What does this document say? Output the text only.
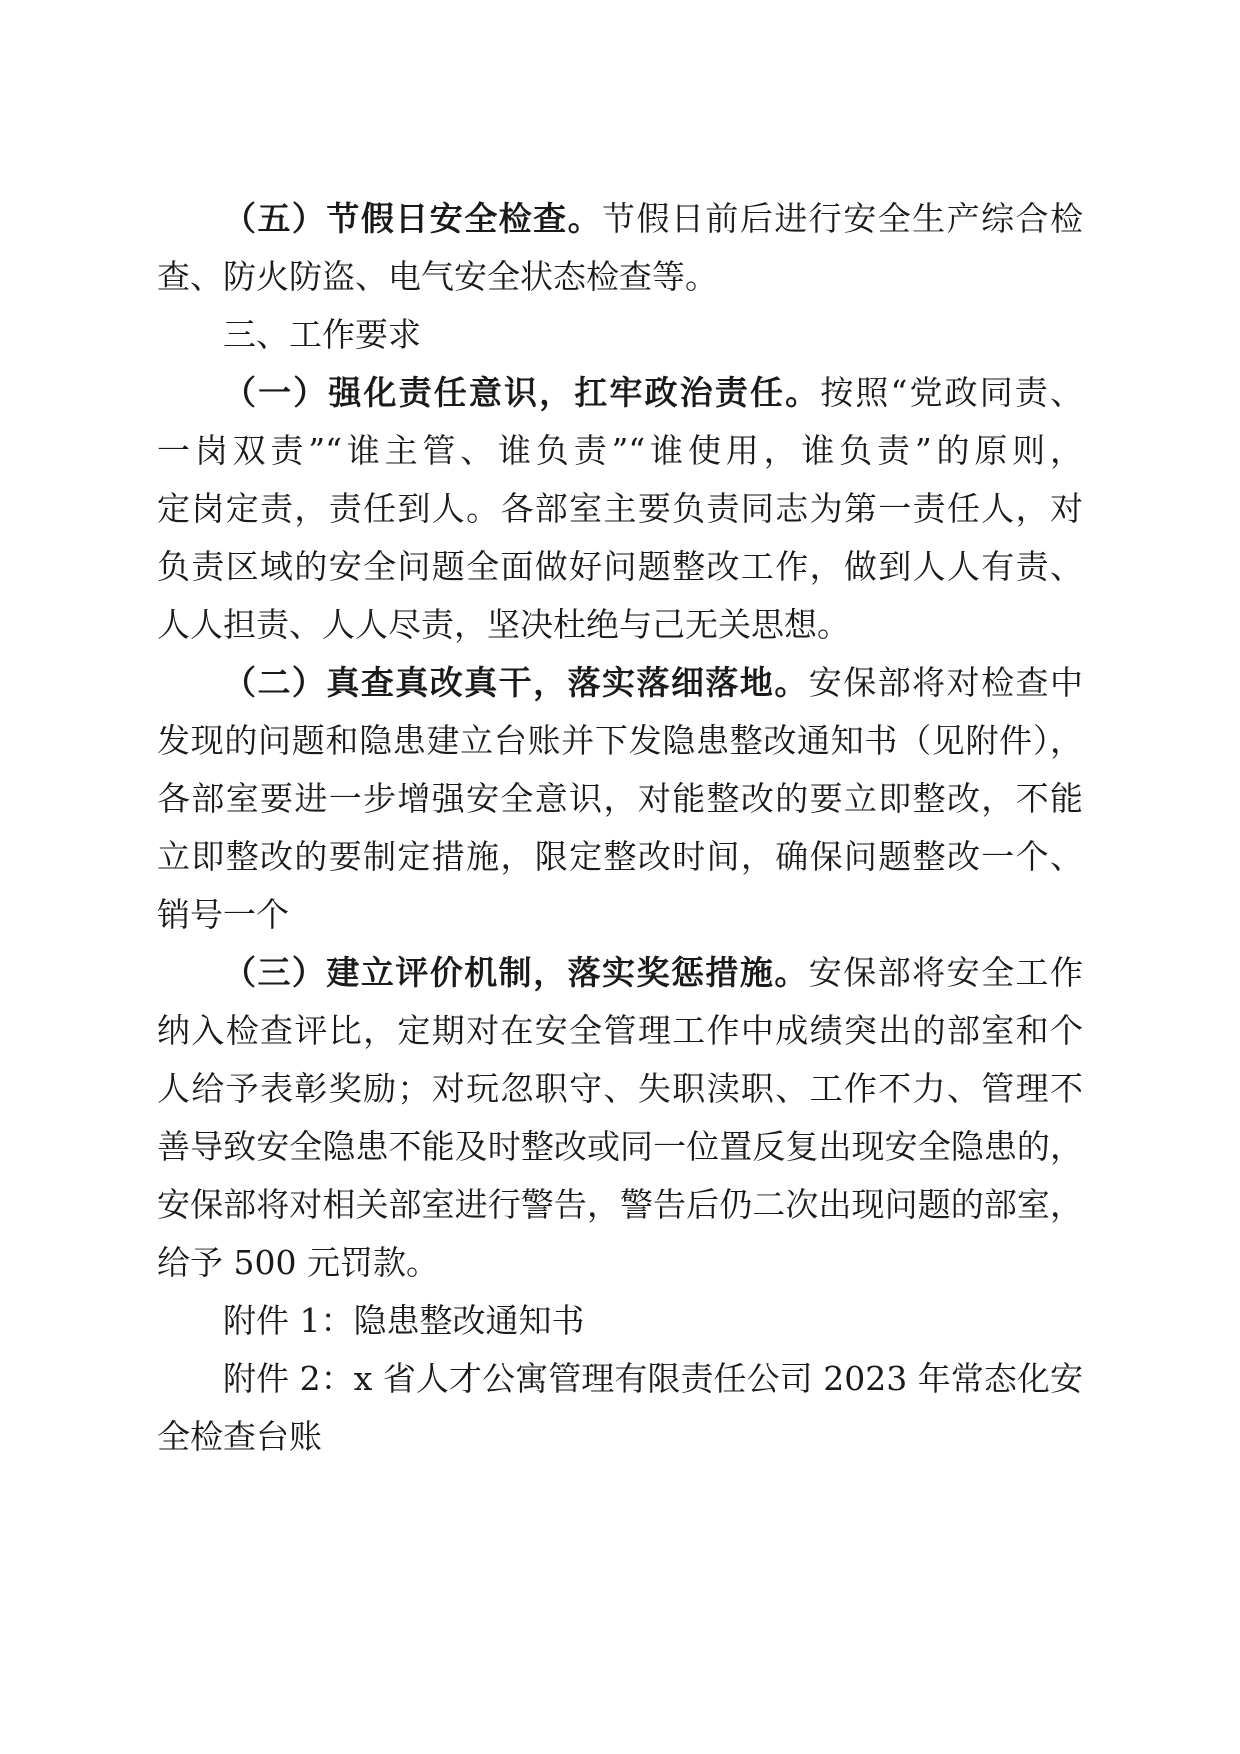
（五）节假日安全检查。节假日前后进行安全生产综合检
查、防火防盗、电气安全状态检查等。
三、工作要求
（一）强化责任意识，扛牢政治责任。按照“党政同责、
一岗双责”“谁主管、谁负责”“谁使用，谁负责”的原则，
定岗定责，责任到人。各部室主要负责同志为第一责任人，对
负责区域的安全问题全面做好问题整改工作，做到人人有责、
人人担责、人人尽责，坚决杜绝与己无关思想。
（二）真查真改真干，落实落细落地。安保部将对检查中
发现的问题和隐患建立台账并下发隐患整改通知书（见附件），
各部室要进一步增强安全意识，对能整改的要立即整改，不能
立即整改的要制定措施，限定整改时间，确保问题整改一个、
销号一个
（三）建立评价机制，落实奖惩措施。安保部将安全工作
纳入检查评比，定期对在安全管理工作中成绩突出的部室和个
人给予表彰奖励；对玩忽职守、失职渎职、工作不力、管理不
善导致安全隐患不能及时整改或同一位置反复出现安全隐患的，
安保部将对相关部室进行警告，警告后仍二次出现问题的部室，
给予 500 元罚款。
附件 1：隐患整改通知书
附件 2：x 省人才公寓管理有限责任公司 2023 年常态化安
全检查台账
